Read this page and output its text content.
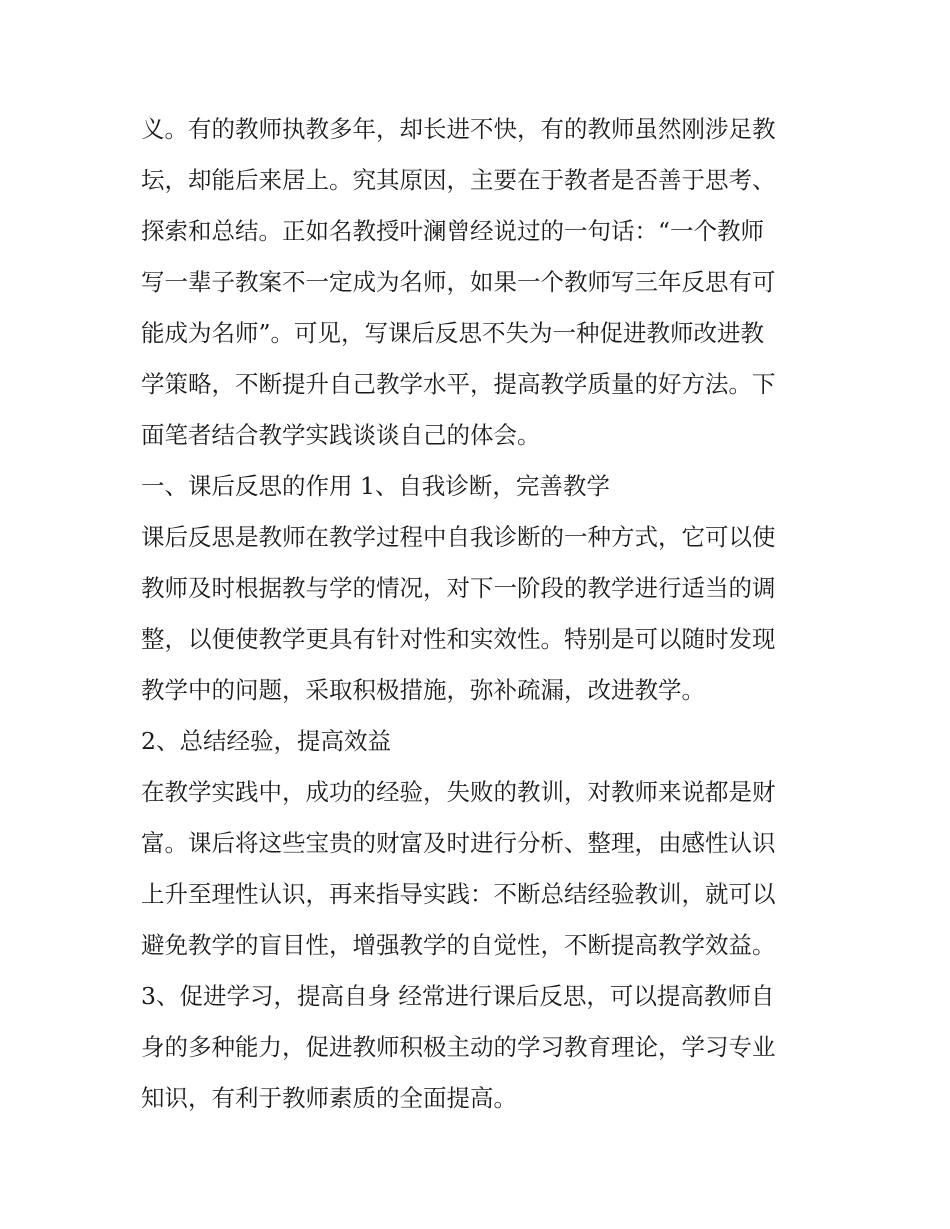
义。有的教师执教多年，却长进不快，有的教师虽然刚涉足教
坛，却能后来居上。究其原因，主要在于教者是否善于思考、
探索和总结。正如名教授叶澜曾经说过的一句话：“一个教师
写一辈子教案不一定成为名师，如果一个教师写三年反思有可
能成为名师”。可见，写课后反思不失为一种促进教师改进教
学策略，不断提升自己教学水平，提高教学质量的好方法。下
面笔者结合教学实践谈谈自己的体会。
一、课后反思的作用 1、自我诊断，完善教学
课后反思是教师在教学过程中自我诊断的一种方式，它可以使
教师及时根据教与学的情况，对下一阶段的教学进行适当的调
整，以便使教学更具有针对性和实效性。特别是可以随时发现
教学中的问题，采取积极措施，弥补疏漏，改进教学。
2、总结经验，提高效益
在教学实践中，成功的经验，失败的教训，对教师来说都是财
富。课后将这些宝贵的财富及时进行分析、整理，由感性认识
上升至理性认识，再来指导实践：不断总结经验教训，就可以
避免教学的盲目性，增强教学的自觉性，不断提高教学效益。
3、促进学习，提高自身 经常进行课后反思，可以提高教师自
身的多种能力，促进教师积极主动的学习教育理论，学习专业
知识，有利于教师素质的全面提高。
